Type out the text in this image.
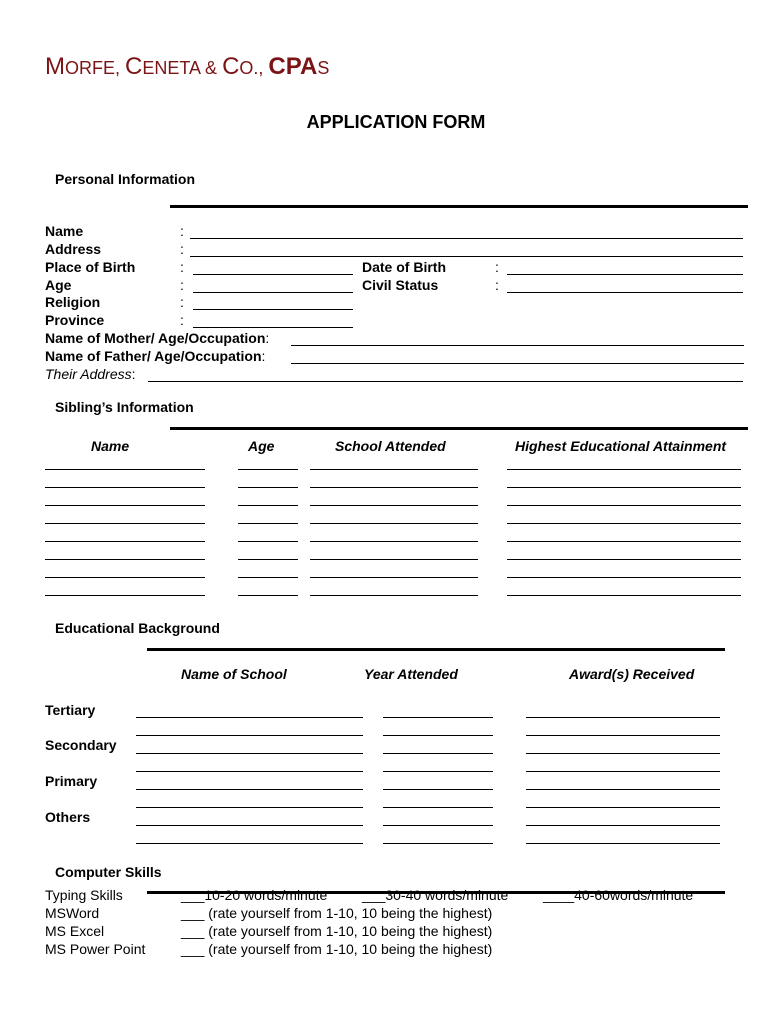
MORFE, CENETA & CO., CPAS
APPLICATION FORM
Personal Information
Name	:
Address	:
Place of Birth	:	Date of Birth	:
Age	:	Civil Status	:
Religion	:
Province	:
Name of Mother/ Age/Occupation:
Name of Father/ Age/Occupation:
Their Address:
Sibling’s Information
Name	Age	School Attended	Highest Educational Attainment
Educational Background
Name of School	Year Attended	Award(s) Received
Tertiary
Secondary
Primary
Others
Computer Skills
Typing Skills	___10-20 words/minute ___30-40 words/minute ____40-60words/minute
MSWord	___ (rate yourself from 1-10, 10 being the highest)
MS Excel	___ (rate yourself from 1-10, 10 being the highest)
MS Power Point	___ (rate yourself from 1-10, 10 being the highest)
